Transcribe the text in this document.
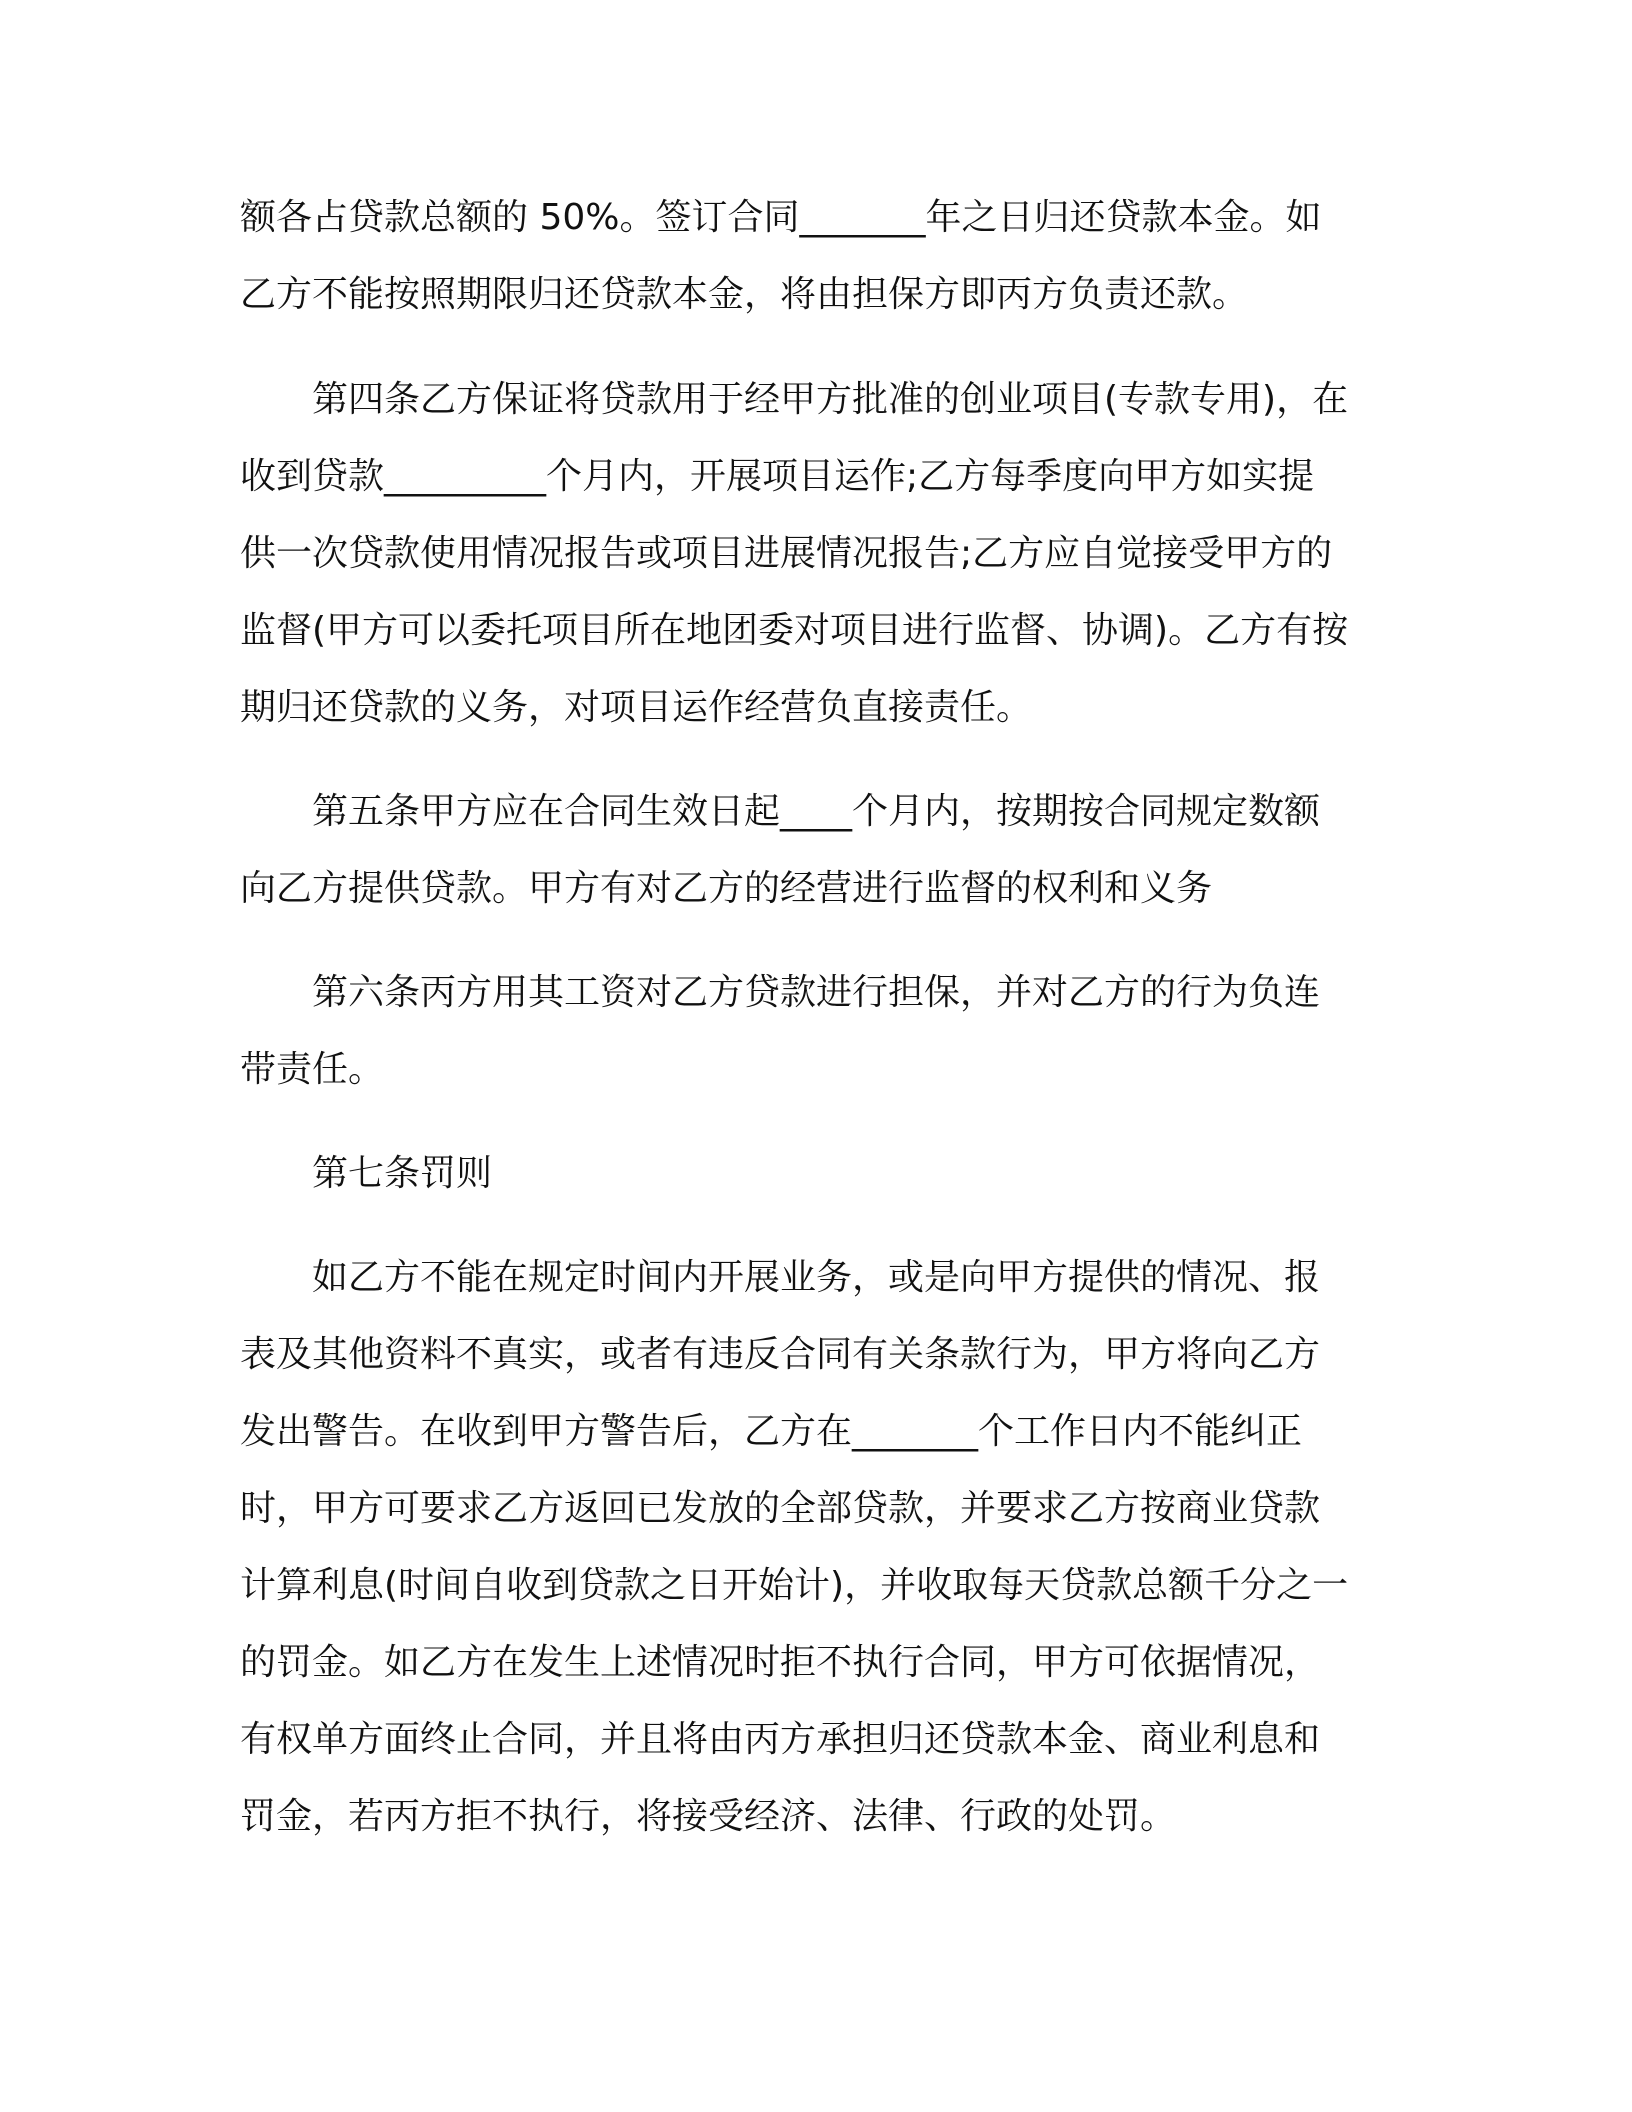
额各占贷款总额的 50%。签订合同_______年之日归还贷款本金。如

乙方不能按照期限归还贷款本金，将由担保方即丙方负责还款。

第四条乙方保证将贷款用于经甲方批准的创业项目(专款专用)，在

收到贷款_________个月内，开展项目运作;乙方每季度向甲方如实提

供一次贷款使用情况报告或项目进展情况报告;乙方应自觉接受甲方的

监督(甲方可以委托项目所在地团委对项目进行监督、协调)。乙方有按

期归还贷款的义务，对项目运作经营负直接责任。

第五条甲方应在合同生效日起____个月内，按期按合同规定数额

向乙方提供贷款。甲方有对乙方的经营进行监督的权利和义务

第六条丙方用其工资对乙方贷款进行担保，并对乙方的行为负连

带责任。

第七条罚则

如乙方不能在规定时间内开展业务，或是向甲方提供的情况、报

表及其他资料不真实，或者有违反合同有关条款行为，甲方将向乙方

发出警告。在收到甲方警告后，乙方在_______个工作日内不能纠正

时，甲方可要求乙方返回已发放的全部贷款，并要求乙方按商业贷款

计算利息(时间自收到贷款之日开始计)，并收取每天贷款总额千分之一

的罚金。如乙方在发生上述情况时拒不执行合同，甲方可依据情况，

有权单方面终止合同，并且将由丙方承担归还贷款本金、商业利息和

罚金，若丙方拒不执行，将接受经济、法律、行政的处罚。
